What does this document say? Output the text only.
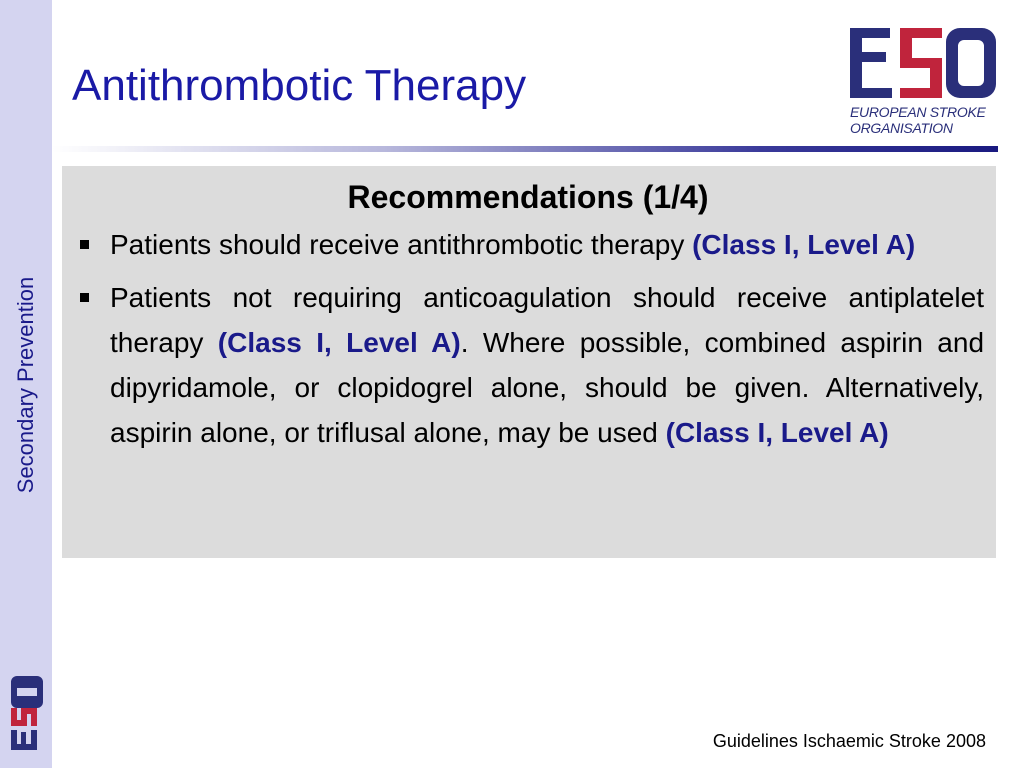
Secondary Prevention
Antithrombotic Therapy
EUROPEAN STROKE
ORGANISATION
Recommendations (1/4)
Patients should receive antithrombotic therapy (Class I, Level A)
Patients not requiring anticoagulation should receive antiplatelet therapy (Class I, Level A). Where possible, combined aspirin and dipyridamole, or clopidogrel alone, should be given. Alternatively, aspirin alone, or triflusal alone, may be used (Class I, Level A)
Guidelines Ischaemic Stroke 2008
